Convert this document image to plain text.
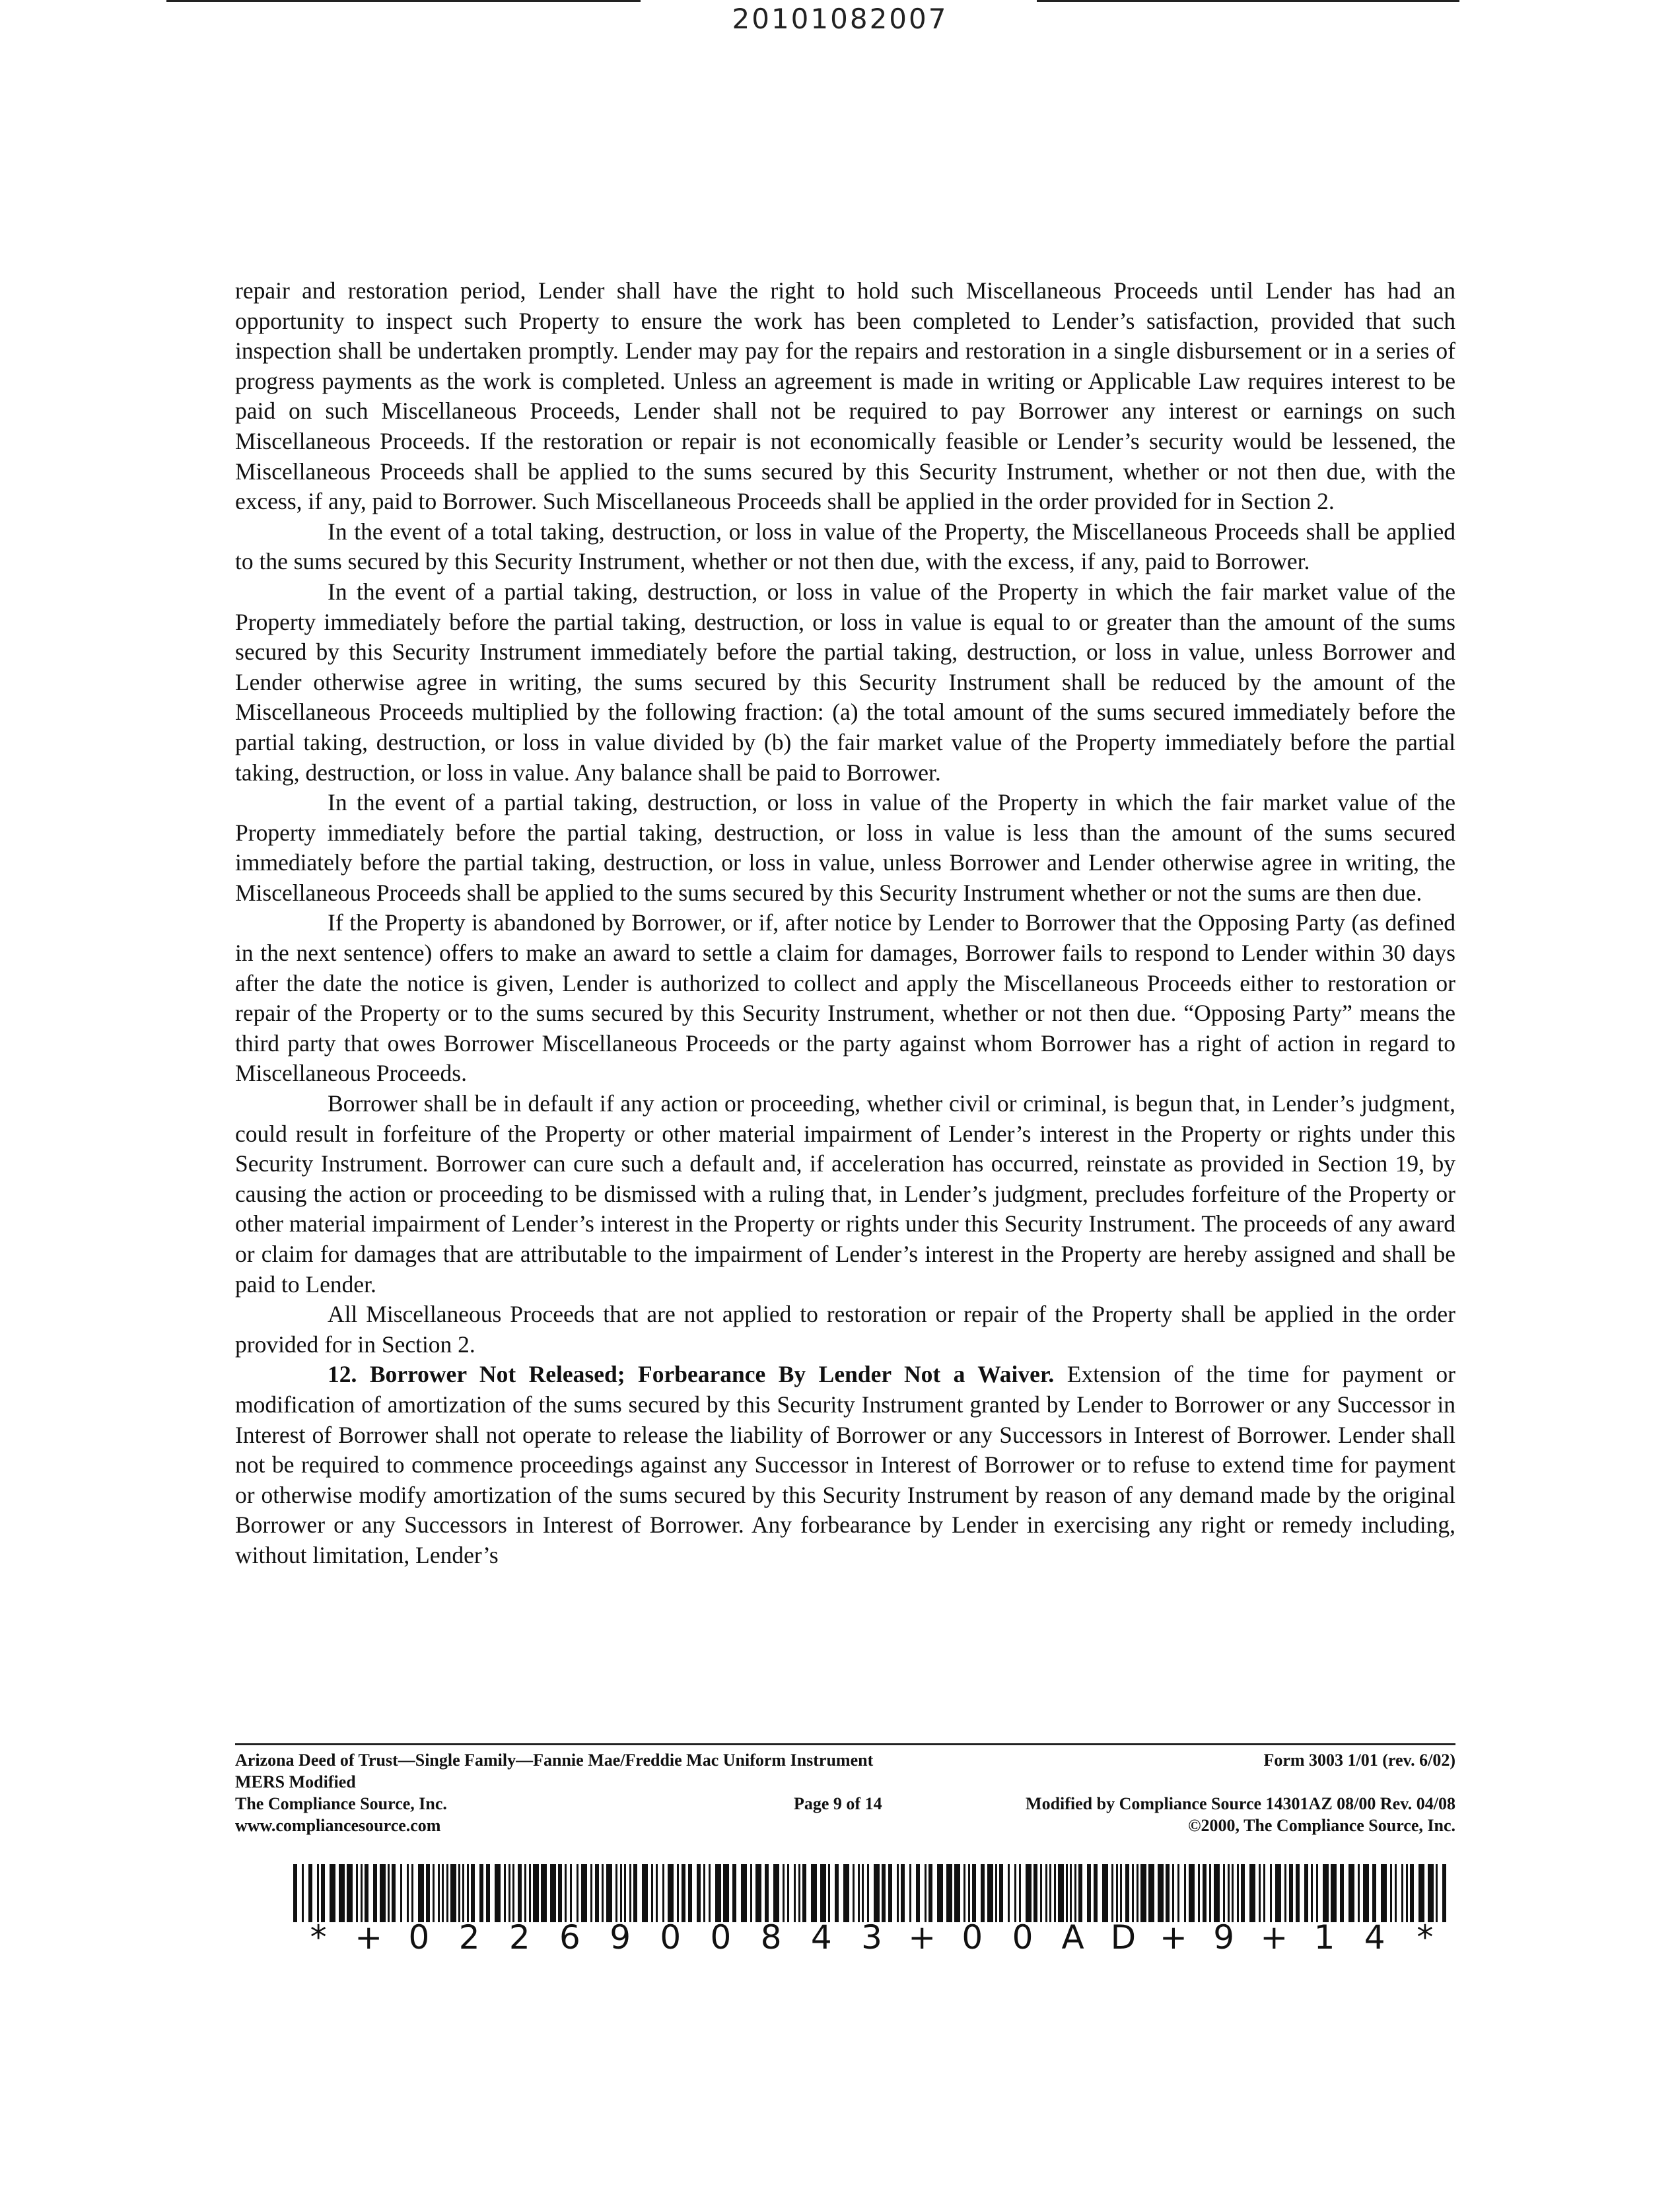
20101082007

repair and restoration period, Lender shall have the right to hold such Miscellaneous Proceeds until Lender has had an opportunity to inspect such Property to ensure the work has been completed to Lender’s satisfaction, provided that such inspection shall be undertaken promptly. Lender may pay for the repairs and restoration in a single disbursement or in a series of progress payments as the work is completed. Unless an agreement is made in writing or Applicable Law requires interest to be paid on such Miscellaneous Proceeds, Lender shall not be required to pay Borrower any interest or earnings on such Miscellaneous Proceeds. If the restoration or repair is not economically feasible or Lender’s security would be lessened, the Miscellaneous Proceeds shall be applied to the sums secured by this Security Instrument, whether or not then due, with the excess, if any, paid to Borrower. Such Miscellaneous Proceeds shall be applied in the order provided for in Section 2.

In the event of a total taking, destruction, or loss in value of the Property, the Miscellaneous Proceeds shall be applied to the sums secured by this Security Instrument, whether or not then due, with the excess, if any, paid to Borrower.

In the event of a partial taking, destruction, or loss in value of the Property in which the fair market value of the Property immediately before the partial taking, destruction, or loss in value is equal to or greater than the amount of the sums secured by this Security Instrument immediately before the partial taking, destruction, or loss in value, unless Borrower and Lender otherwise agree in writing, the sums secured by this Security Instrument shall be reduced by the amount of the Miscellaneous Proceeds multiplied by the following fraction: (a) the total amount of the sums secured immediately before the partial taking, destruction, or loss in value divided by (b) the fair market value of the Property immediately before the partial taking, destruction, or loss in value. Any balance shall be paid to Borrower.

In the event of a partial taking, destruction, or loss in value of the Property in which the fair market value of the Property immediately before the partial taking, destruction, or loss in value is less than the amount of the sums secured immediately before the partial taking, destruction, or loss in value, unless Borrower and Lender otherwise agree in writing, the Miscellaneous Proceeds shall be applied to the sums secured by this Security Instrument whether or not the sums are then due.

If the Property is abandoned by Borrower, or if, after notice by Lender to Borrower that the Opposing Party (as defined in the next sentence) offers to make an award to settle a claim for damages, Borrower fails to respond to Lender within 30 days after the date the notice is given, Lender is authorized to collect and apply the Miscellaneous Proceeds either to restoration or repair of the Property or to the sums secured by this Security Instrument, whether or not then due. “Opposing Party” means the third party that owes Borrower Miscellaneous Proceeds or the party against whom Borrower has a right of action in regard to Miscellaneous Proceeds.

Borrower shall be in default if any action or proceeding, whether civil or criminal, is begun that, in Lender’s judgment, could result in forfeiture of the Property or other material impairment of Lender’s interest in the Property or rights under this Security Instrument. Borrower can cure such a default and, if acceleration has occurred, reinstate as provided in Section 19, by causing the action or proceeding to be dismissed with a ruling that, in Lender’s judgment, precludes forfeiture of the Property or other material impairment of Lender’s interest in the Property or rights under this Security Instrument. The proceeds of any award or claim for damages that are attributable to the impairment of Lender’s interest in the Property are hereby assigned and shall be paid to Lender.

All Miscellaneous Proceeds that are not applied to restoration or repair of the Property shall be applied in the order provided for in Section 2.

12. Borrower Not Released; Forbearance By Lender Not a Waiver. Extension of the time for payment or modification of amortization of the sums secured by this Security Instrument granted by Lender to Borrower or any Successor in Interest of Borrower shall not operate to release the liability of Borrower or any Successors in Interest of Borrower. Lender shall not be required to commence proceedings against any Successor in Interest of Borrower or to refuse to extend time for payment or otherwise modify amortization of the sums secured by this Security Instrument by reason of any demand made by the original Borrower or any Successors in Interest of Borrower. Any forbearance by Lender in exercising any right or remedy including, without limitation, Lender’s

Arizona Deed of Trust—Single Family—Fannie Mae/Freddie Mac Uniform Instrument	Form 3003 1/01 (rev. 6/02)
MERS Modified
The Compliance Source, Inc.	Page 9 of 14	Modified by Compliance Source 14301AZ 08/00 Rev. 04/08
www.compliancesource.com	©2000, The Compliance Source, Inc.
* + 0 2 2 6 9 0 0 8 4 3 + 0 0 A D + 9 + 1 4 *
